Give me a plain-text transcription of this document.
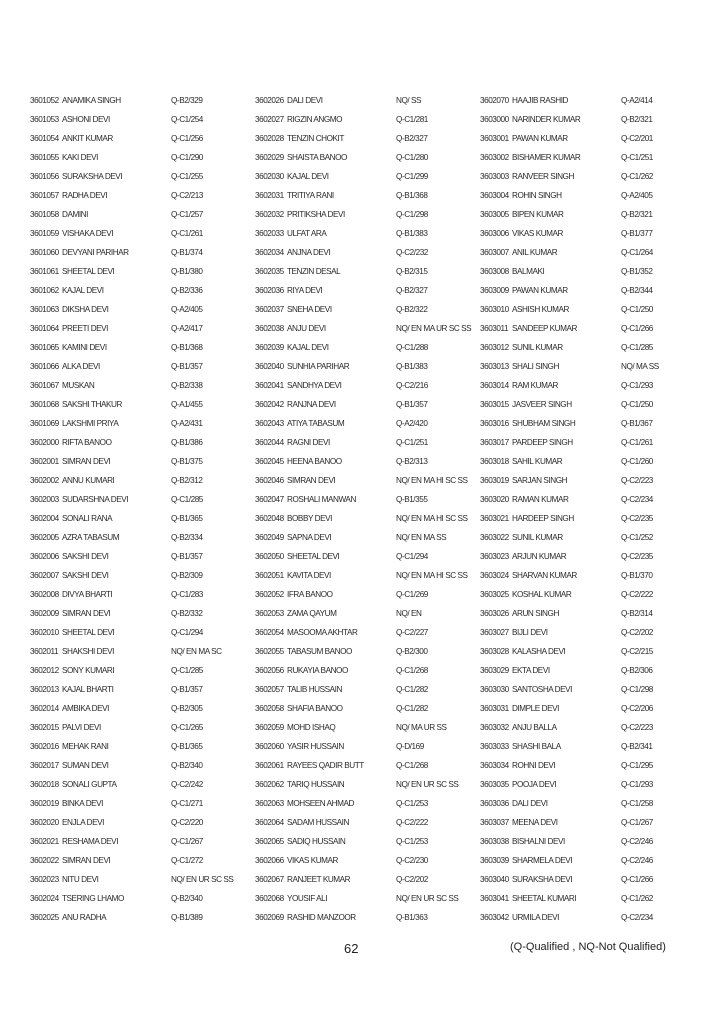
3601052 ANAMIKA SINGH	Q-B2/329
3601053 ASHONI DEVI	Q-C1/254
3601054 ANKIT KUMAR	Q-C1/256
3601055 KAKI DEVI	Q-C1/290
3601056 SURAKSHA DEVI	Q-C1/255
3601057 RADHA DEVI	Q-C2/213
3601058 DAMINI	Q-C1/257
3601059 VISHAKA DEVI	Q-C1/261
3601060 DEVYANI PARIHAR	Q-B1/374
3601061 SHEETAL DEVI	Q-B1/380
3601062 KAJAL DEVI	Q-B2/336
3601063 DIKSHA DEVI	Q-A2/405
3601064 PREETI DEVI	Q-A2/417
3601065 KAMINI DEVI	Q-B1/368
3601066 ALKA DEVI	Q-B1/357
3601067 MUSKAN	Q-B2/338
3601068 SAKSHI THAKUR	Q-A1/455
3601069 LAKSHMI PRIYA	Q-A2/431
3602000 RIFTA BANOO	Q-B1/386
3602001 SIMRAN DEVI	Q-B1/375
3602002 ANNU KUMARI	Q-B2/312
3602003 SUDARSHNA DEVI	Q-C1/285
3602004 SONALI RANA	Q-B1/365
3602005 AZRA TABASUM	Q-B2/334
3602006 SAKSHI DEVI	Q-B1/357
3602007 SAKSHI DEVI	Q-B2/309
3602008 DIVYA BHARTI	Q-C1/283
3602009 SIMRAN DEVI	Q-B2/332
3602010 SHEETAL DEVI	Q-C1/294
3602011 SHAKSHI DEVI	NQ/ EN MA SC
3602012 SONY KUMARI	Q-C1/285
3602013 KAJAL BHARTI	Q-B1/357
3602014 AMBIKA DEVI	Q-B2/305
3602015 PALVI DEVI	Q-C1/265
3602016 MEHAK RANI	Q-B1/365
3602017 SUMAN DEVI	Q-B2/340
3602018 SONALI GUPTA	Q-C2/242
3602019 BINKA DEVI	Q-C1/271
3602020 ENJLA DEVI	Q-C2/220
3602021 RESHAMA DEVI	Q-C1/267
3602022 SIMRAN DEVI	Q-C1/272
3602023 NITU DEVI	NQ/ EN UR SC SS
3602024 TSERING LHAMO	Q-B2/340
3602025 ANU RADHA	Q-B1/389
3602026 DALI DEVI	NQ/ SS
3602027 RIGZIN ANGMO	Q-C1/281
3602028 TENZIN CHOKIT	Q-B2/327
3602029 SHAISTA BANOO	Q-C1/280
3602030 KAJAL DEVI	Q-C1/299
3602031 TRITIYA RANI	Q-B1/368
3602032 PRITIKSHA DEVI	Q-C1/298
3602033 ULFAT ARA	Q-B1/383
3602034 ANJNA DEVI	Q-C2/232
3602035 TENZIN DESAL	Q-B2/315
3602036 RIYA DEVI	Q-B2/327
3602037 SNEHA DEVI	Q-B2/322
3602038 ANJU DEVI	NQ/ EN MA UR SC SS
3602039 KAJAL DEVI	Q-C1/288
3602040 SUNHIA PARIHAR	Q-B1/383
3602041 SANDHYA DEVI	Q-C2/216
3602042 RANJNA DEVI	Q-B1/357
3602043 ATIYA TABASUM	Q-A2/420
3602044 RAGNI DEVI	Q-C1/251
3602045 HEENA BANOO	Q-B2/313
3602046 SIMRAN DEVI	NQ/ EN MA HI SC SS
3602047 ROSHALI MANWAN	Q-B1/355
3602048 BOBBY DEVI	NQ/ EN MA HI SC SS
3602049 SAPNA DEVI	NQ/ EN MA SS
3602050 SHEETAL DEVI	Q-C1/294
3602051 KAVITA DEVI	NQ/ EN MA HI SC SS
3602052 IFRA BANOO	Q-C1/269
3602053 ZAMA QAYUM	NQ/ EN
3602054 MASOOMA AKHTAR	Q-C2/227
3602055 TABASUM BANOO	Q-B2/300
3602056 RUKAYIA BANOO	Q-C1/268
3602057 TALIB HUSSAIN	Q-C1/282
3602058 SHAFIA BANOO	Q-C1/282
3602059 MOHD ISHAQ	NQ/ MA UR SS
3602060 YASIR HUSSAIN	Q-D/169
3602061 RAYEES QADIR BUTT	Q-C1/268
3602062 TARIQ HUSSAIN	NQ/ EN UR SC SS
3602063 MOHSEEN AHMAD	Q-C1/253
3602064 SADAM HUSSAIN	Q-C2/222
3602065 SADIQ HUSSAIN	Q-C1/253
3602066 VIKAS KUMAR	Q-C2/230
3602067 RANJEET KUMAR	Q-C2/202
3602068 YOUSIF ALI	NQ/ EN UR SC SS
3602069 RASHID MANZOOR	Q-B1/363
3602070 HAAJIB RASHID	Q-A2/414
3603000 NARINDER KUMAR	Q-B2/321
3603001 PAWAN KUMAR	Q-C2/201
3603002 BISHAMER KUMAR	Q-C1/251
3603003 RANVEER SINGH	Q-C1/262
3603004 ROHIN SINGH	Q-A2/405
3603005 BIPEN KUMAR	Q-B2/321
3603006 VIKAS KUMAR	Q-B1/377
3603007 ANIL KUMAR	Q-C1/264
3603008 BALMAKI	Q-B1/352
3603009 PAWAN KUMAR	Q-B2/344
3603010 ASHISH KUMAR	Q-C1/250
3603011 SANDEEP KUMAR	Q-C1/266
3603012 SUNIL KUMAR	Q-C1/285
3603013 SHALI SINGH	NQ/ MA SS
3603014 RAM KUMAR	Q-C1/293
3603015 JASVEER SINGH	Q-C1/250
3603016 SHUBHAM SINGH	Q-B1/367
3603017 PARDEEP SINGH	Q-C1/261
3603018 SAHIL KUMAR	Q-C1/260
3603019 SARJAN SINGH	Q-C2/223
3603020 RAMAN KUMAR	Q-C2/234
3603021 HARDEEP SINGH	Q-C2/235
3603022 SUNIL KUMAR	Q-C1/252
3603023 ARJUN KUMAR	Q-C2/235
3603024 SHARVAN KUMAR	Q-B1/370
3603025 KOSHAL KUMAR	Q-C2/222
3603026 ARUN SINGH	Q-B2/314
3603027 BIJLI DEVI	Q-C2/202
3603028 KALASHA DEVI	Q-C2/215
3603029 EKTA DEVI	Q-B2/306
3603030 SANTOSHA DEVI	Q-C1/298
3603031 DIMPLE DEVI	Q-C2/206
3603032 ANJU BALLA	Q-C2/223
3603033 SHASHI BALA	Q-B2/341
3603034 ROHNI DEVI	Q-C1/295
3603035 POOJA DEVI	Q-C1/293
3603036 DALI DEVI	Q-C1/258
3603037 MEENA DEVI	Q-C1/267
3603038 BISHALNI DEVI	Q-C2/246
3603039 SHARMELA DEVI	Q-C2/246
3603040 SURAKSHA DEVI	Q-C1/266
3603041 SHEETAL KUMARI	Q-C1/262
3603042 URMILA DEVI	Q-C2/234
62	(Q-Qualified , NQ-Not Qualified)
